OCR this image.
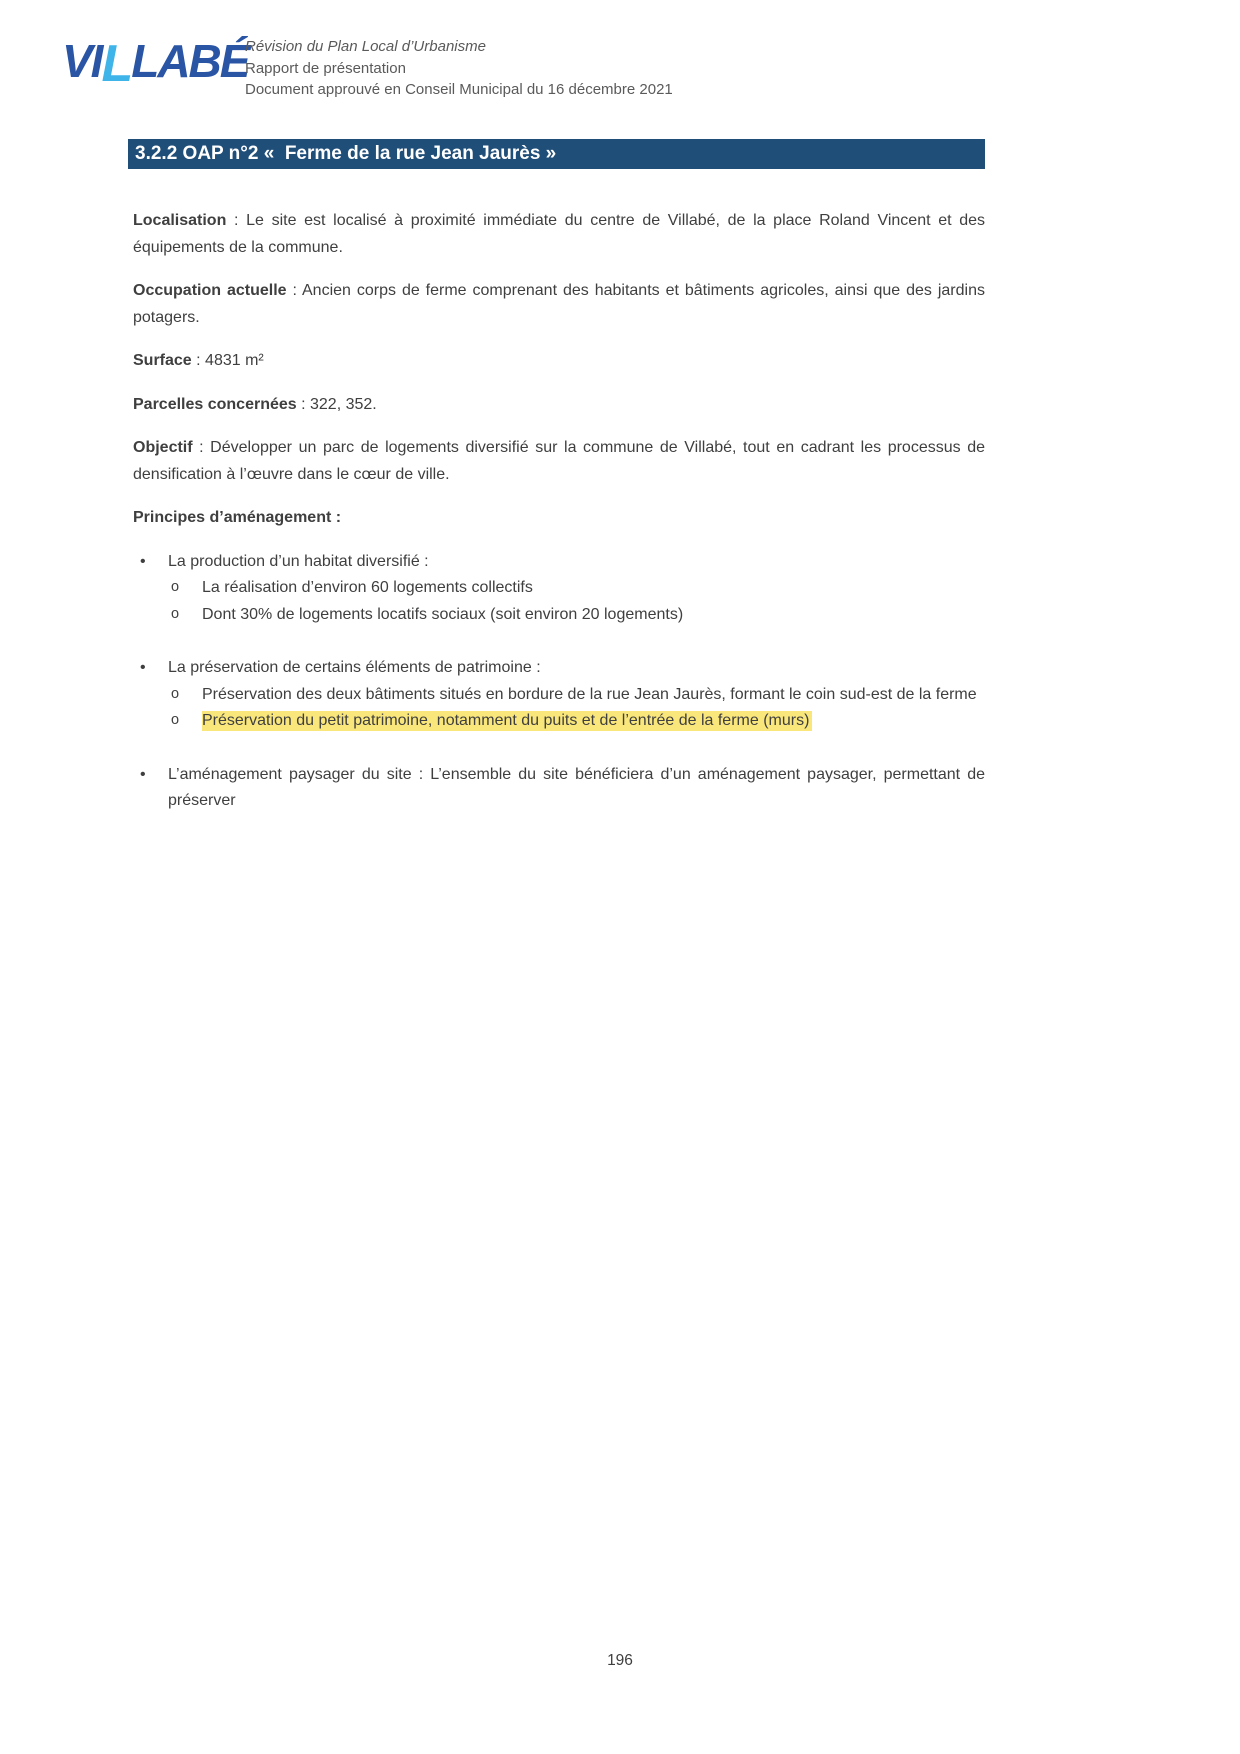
VILLABÉ
Révision du Plan Local d’Urbanisme
Rapport de présentation
Document approuvé en Conseil Municipal du 16 décembre 2021
3.2.2 OAP n°2 «  Ferme de la rue Jean Jaurès »

Localisation : Le site est localisé à proximité immédiate du centre de Villabé, de la place Roland Vincent et des équipements de la commune.

Occupation actuelle : Ancien corps de ferme comprenant des habitants et bâtiments agricoles, ainsi que des jardins potagers.

Surface : 4831 m²

Parcelles concernées : 322, 352.

Objectif : Développer un parc de logements diversifié sur la commune de Villabé, tout en cadrant les processus de densification à l’œuvre dans le cœur de ville.

Principes d’aménagement :

• La production d’un habitat diversifié :
o La réalisation d’environ 60 logements collectifs
o Dont 30% de logements locatifs sociaux (soit environ 20 logements)
• La préservation de certains éléments de patrimoine :
o Préservation des deux bâtiments situés en bordure de la rue Jean Jaurès, formant le coin sud-est de la ferme
o Préservation du petit patrimoine, notamment du puits et de l’entrée de la ferme (murs)
• L’aménagement paysager du site : L’ensemble du site bénéficiera d’un aménagement paysager, permettant de préserver
196
